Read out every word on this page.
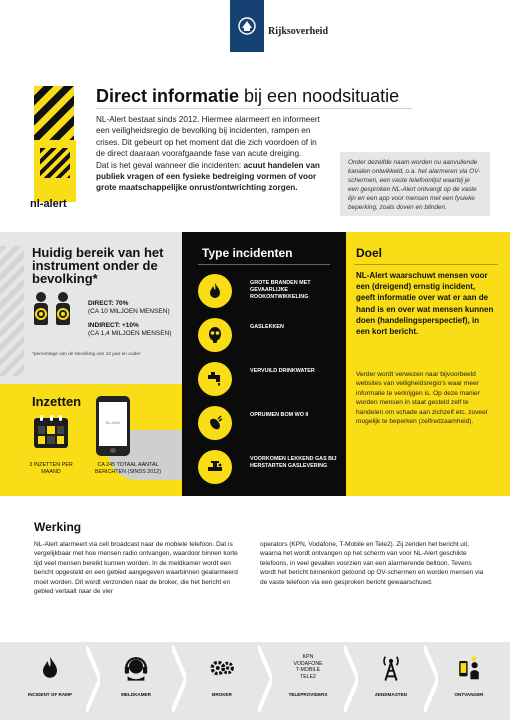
Rijksoverheid
nl-alert
Direct informatie bij een noodsituatie

NL-Alert bestaat sinds 2012. Hiermee alarmeert en informeert een veiligheidsregio de bevolking bij incidenten, rampen en crises. Dit gebeurt op het moment dat die zich voordoen of in de direct daaraan voorafgaande fase van acute dreiging.

Dat is het geval wanneer die incidenten: acuut handelen van publiek vragen of een fysieke bedreiging vormen of voor grote maatschappelijke onrust/ontwrichting zorgen.

Onder dezelfde naam worden nu aanvullende kanalen ontwikkeld, o.a. het alarmeren via OV-schermen, een vaste telefoonlijst waarbij je een gesproken NL-Alert ontvangt op de vaste lijn en een app voor mensen met een fysieke beperking, zoals doven en blinden.
Huidig bereik van het instrument onder de bevolking*
DIRECT: 70%
(CA 10 MILJOEN MENSEN)
INDIRECT: +10%
(CA 1,4 MILJOEN MENSEN)
*percentage van de bevolking van 12 jaar en ouder
Inzetten
3 INZETTEN PER MAAND
NL-Alert
CA 245 TOTAAL AANTAL BERICHTEN (SINDS 2012)
Type incidenten
GROTE BRANDEN MET GEVAARLIJKE ROOKONTWIKKELING
GASLEKKEN
VERVUILD DRINKWATER
OPRUIMEN BOM WO II
VOORKOMEN LEKKEND GAS BIJ HERSTARTEN GASLEVERING
Doel
NL-Alert waarschuwt mensen voor een (dreigend) ernstig incident, geeft informatie over wat er aan de hand is en over wat mensen kunnen doen (handelingsperspectief), in een kort bericht.
Verder wordt verwezen naar bijvoorbeeld websites van veiligheidsregio's waar meer informatie te verkrijgen is. Op deze manier worden mensen in staat gesteld zelf te handelen om schade aan zichzelf etc. zoveel mogelijk te beperken (zelfredzaamheid).
Werking
NL-Alert alarmeert via cell broadcast naar de mobiele telefoon. Dat is vergelijkbaar met hoe mensen radio ontvangen, waardoor binnen korte tijd veel mensen bereikt kunnen worden. In de meldkamer wordt een bericht opgesteld en een gebied aangegeven waarbinnen gealarmeerd moet worden. Dit wordt verzonden naar de broker, die het bericht en gebied vertaalt naar de vier
operators (KPN, Vodafone, T-Mobile en Tele2). Zij zenden het bericht uit, waarna het wordt ontvangen op het scherm van voor NL-Alert geschikte telefoons, in veel gevallen voorzien van een alarmerende beltoon. Tevens wordt het bericht binnenkort getoond op OV-schermen en worden mensen via de vaste telefoon via een gesproken bericht gewaarschuwd.
INCIDENT OF RAMP	MELDKAMER	BROKER
KPN
VODAFONE
T-MOBILE
TELE2
TELEPROVIDERS	ZENDMASTEN	ONTVANGER
